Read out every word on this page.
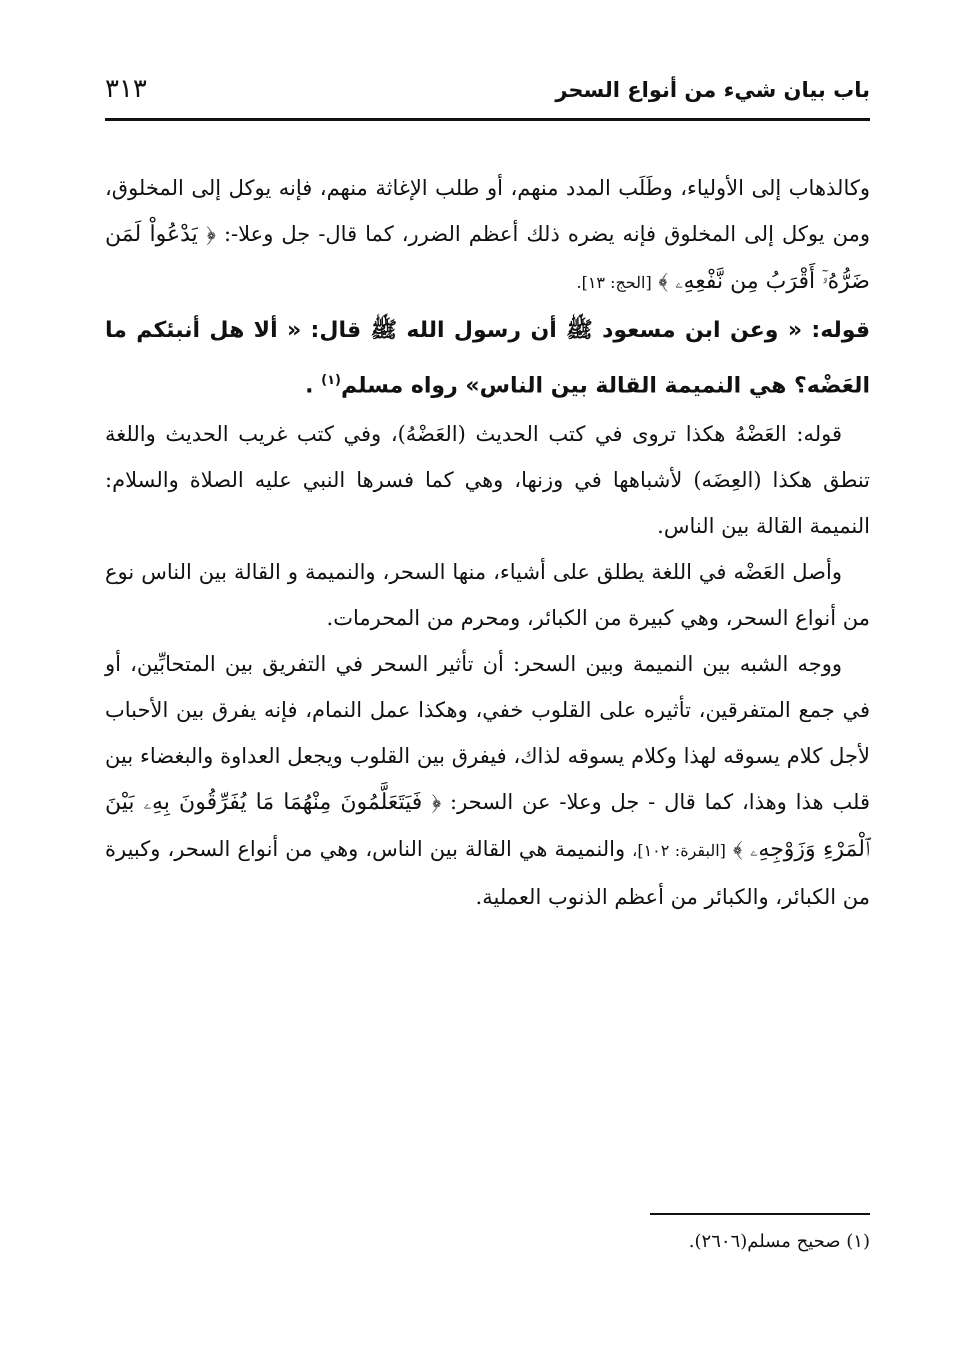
باب بيان شيء من أنواع السحر
٣١٣

وكالذهاب إلى الأولياء، وطَلَب المدد منهم، أو طلب الإغاثة منهم، فإنه يوكل إلى المخلوق، ومن يوكل إلى المخلوق فإنه يضره ذلك أعظم الضرر، كما قال- جل وعلا-: ﴿ يَدْعُواْ لَمَن ضَرُّهُۥٓ أَقْرَبُ مِن نَّفْعِهِۦ ﴾ [الحج: ١٣].

قوله: « وعن ابن مسعود ﷺ أن رسول الله ﷺ قال: « ألا هل أنبئكم ما العَضْه؟ هي النميمة القالة بين الناس» رواه مسلم$^{(١)}$ .

قوله: العَضْهُ هكذا تروى في كتب الحديث (العَضْهُ)، وفي كتب غريب الحديث واللغة تنطق هكذا (العِضَه) لأشباهها في وزنها، وهي كما فسرها النبي عليه الصلاة والسلام: النميمة القالة بين الناس.

وأصل العَضْه في اللغة يطلق على أشياء، منها السحر، والنميمة و القالة بين الناس نوع من أنواع السحر، وهي كبيرة من الكبائر، ومحرم من المحرمات.

ووجه الشبه بين النميمة وبين السحر: أن تأثير السحر في التفريق بين المتحابِّين، أو في جمع المتفرقين، تأثيره على القلوب خفي، وهكذا عمل النمام، فإنه يفرق بين الأحباب لأجل كلام يسوقه لهذا وكلام يسوقه لذاك، فيفرق بين القلوب ويجعل العداوة والبغضاء بين قلب هذا وهذا، كما قال - جل وعلا- عن السحر: ﴿ فَيَتَعَلَّمُونَ مِنْهُمَا مَا يُفَرِّقُونَ بِهِۦ بَيْنَ ٱلْمَرْءِ وَزَوْجِهِۦ ﴾ [البقرة: ١٠٢]، والنميمة هي القالة بين الناس، وهي من أنواع السحر، وكبيرة من الكبائر، والكبائر من أعظم الذنوب العملية.

(١) صحيح مسلم(٢٦٠٦).
